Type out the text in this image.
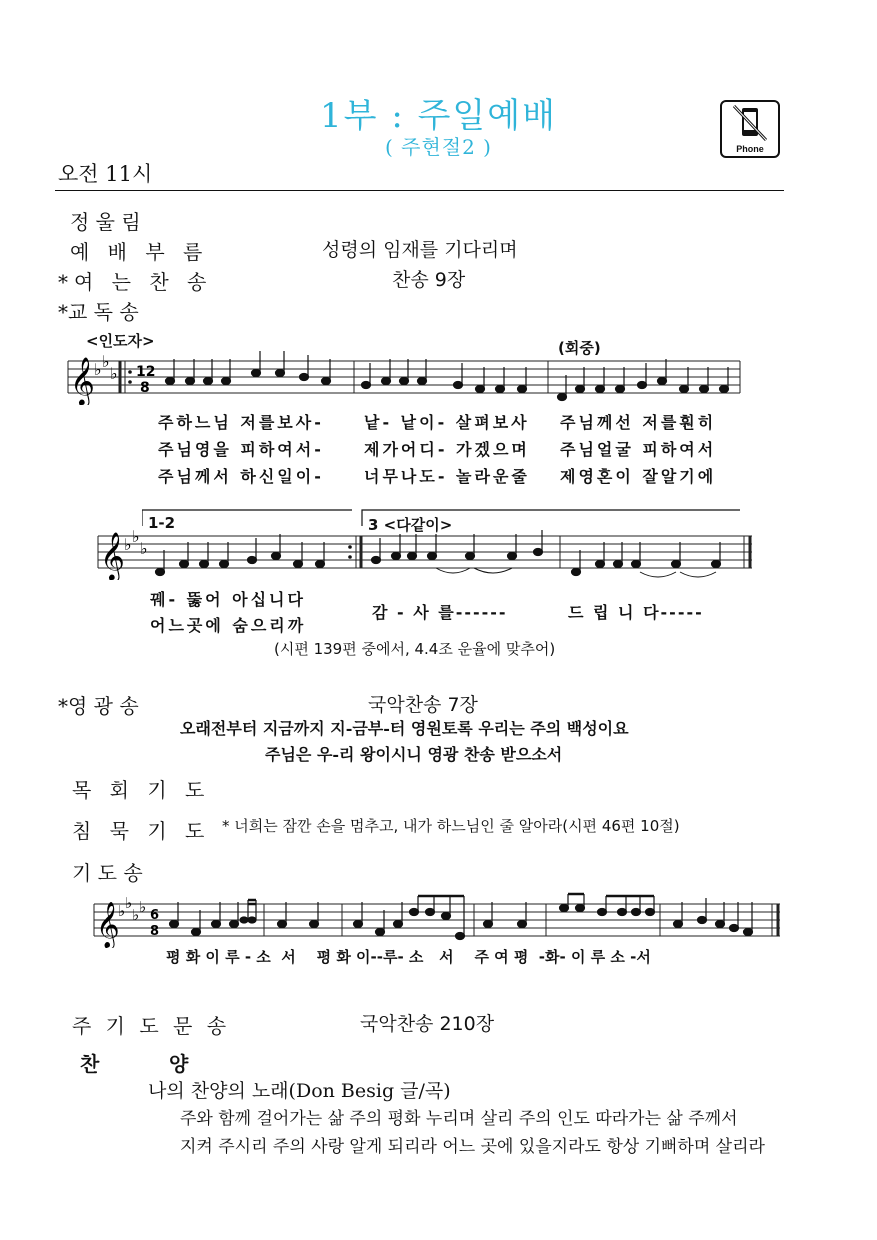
1부 : 주일예배
( 주현절2 )	Phone
오전 11시
정 울 림
예 배 부 름	성령의 임재를 기다리며
*여 는 찬 송	찬송 9장
*교 독 송
<인도자>	(회중)
𝄞 ♭ ♭
♭ 12
8
주하느님 저를보사-	낱- 낱이- 살펴보사 주님께선 저를훤히
주님영을 피하여서-	제가어디- 가겠으며 주님얼굴 피하여서
주님께서 하신일이-	너무나도- 놀라운줄 제영혼이 잘알기에
1-2	3 <다같이>
𝄞 ♭ ♭
♭
꿰- 뚫어 아십니다
어느곳에 숨으리까
감 - 사 를------	드 립 니 다-----
(시편 139편 중에서, 4.4조 운율에 맞추어)
*영 광 송	국악찬송 7장
오래전부터 지금까지 지-금부-터 영원토록 우리는 주의 백성이요
주님은 우-리 왕이시니 영광 찬송 받으소서
목 회 기 도
침 묵 기 도 * 너희는 잠깐 손을 멈추고, 내가 하느님인 줄 알아라(시편 46편 10절)
기 도 송
𝄞
♭ ♭
♭ ♭ 6
8
평 화 이 루 - 소  서    평 화 이--루- 소   서    주 여 평  -화- 이 루 소 -서
주 기 도 문 송	국악찬송 210장
찬          양
나의 찬양의 노래(Don Besig 글/곡)
주와 함께 걸어가는 삶 주의 평화 누리며 살리 주의 인도 따라가는 삶 주께서
지켜 주시리 주의 사랑 알게 되리라 어느 곳에 있을지라도 항상 기뻐하며 살리라
